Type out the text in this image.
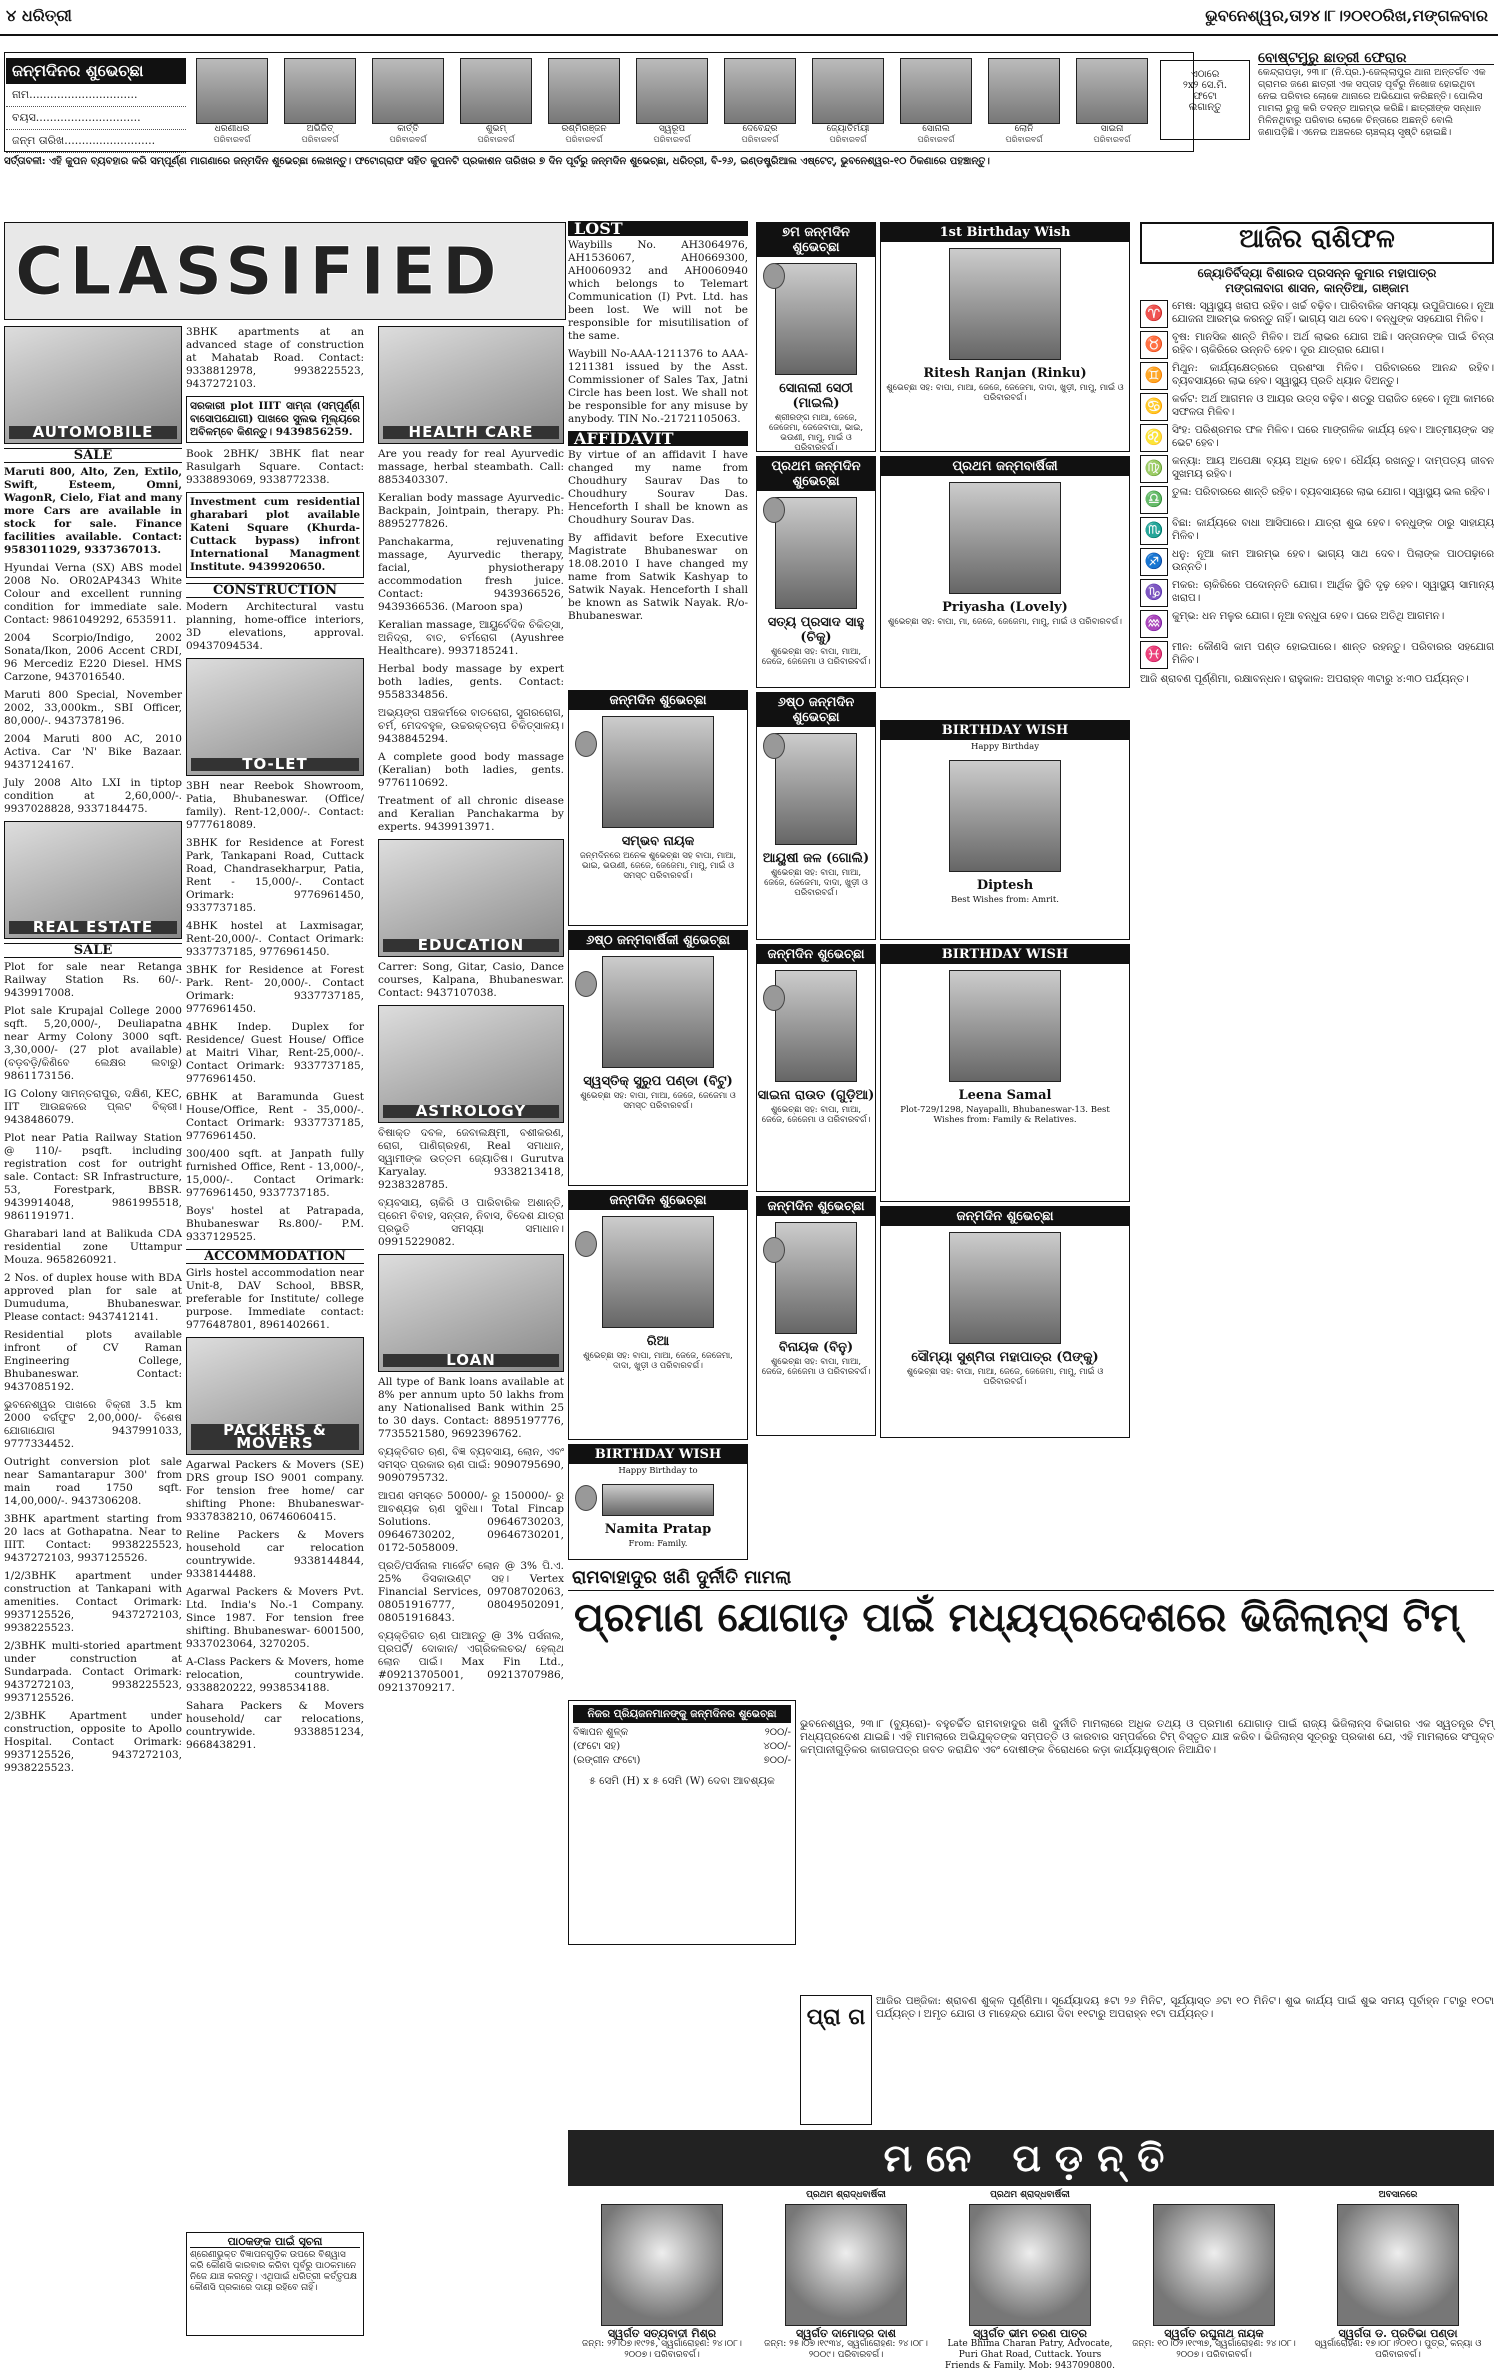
୪ ଧରିତ୍ରୀ	ଭୁବନେଶ୍ୱର,ତା୨୪।୮।୨୦୧୦ରିଖ,ମଙ୍ଗଳବାର
ଜନ୍ମଦିନର ଶୁଭେଚ୍ଛା
ନାମ...............................
ବୟସ..............................
ଜନ୍ମ ତାରିଖ..........................
ଧରଣୀଧର
ପରିବାରବର୍ଗ
ଅଭିଜିତ୍
ପରିବାରବର୍ଗ
କାର୍ତ୍ତି
ପରିବାରବର୍ଗ
ଶୁଭମ୍
ପରିବାରବର୍ଗ
ରଶ୍ମିରଞ୍ଜନ
ପରିବାରବର୍ଗ
ସ୍ୱରୂପ
ପରିବାରବର୍ଗ
ଦେବେନ୍ଦ୍ର
ପରିବାରବର୍ଗ
ଜ୍ୟୋତିର୍ମୟୀ
ପରିବାରବର୍ଗ
ସୋନାଲ
ପରିବାରବର୍ଗ
ଲୋନି
ପରିବାରବର୍ଗ
ସାଇନା
ପରିବାରବର୍ଗ
ଏଠାରେ
୨x୨ ସେ.ମି.
ଫଟୋ
ଲଗାନ୍ତୁ
ସର୍ତ୍ତାବଳୀ: ଏହି କୁପନ ବ୍ୟବହାର କରି ସମ୍ପୂର୍ଣ୍ଣ ମାଗଣାରେ ଜନ୍ମଦିନ ଶୁଭେଚ୍ଛା ଲେଖନ୍ତୁ। ଫଟୋଗ୍ରାଫ ସହିତ କୁପନଟି ପ୍ରକାଶନ ତାରିଖର ୭ ଦିନ ପୂର୍ବରୁ ଜନ୍ମଦିନ ଶୁଭେଚ୍ଛା, ଧରିତ୍ରୀ, ବି-୨୬, ଇଣ୍ଡଷ୍ଟ୍ରିଆଲ ଏଷ୍ଟେଟ୍, ଭୁବନେଶ୍ୱର-୧୦ ଠିକଣାରେ ପହଞ୍ଚାନ୍ତୁ।
ବୋଷ୍ଟମୁରୁ ଛାତ୍ରୀ ଫେରାର
କେନ୍ଦ୍ରାପଡ଼ା, ୨୩।୮ (ନି.ପ୍ର.)-ଜେଲ୍ଲାପୁର ଥାନା ଅନ୍ତର୍ଗତ ଏକ ଗ୍ରାମର ଜଣେ ଛାତ୍ରୀ ଏକ ସପ୍ତାହ ପୂର୍ବରୁ ନିଖୋଜ ହୋଇଥିବା ନେଇ ପରିବାର ଲୋକେ ଥାନାରେ ଅଭିଯୋଗ କରିଛନ୍ତି। ପୋଲିସ ମାମଲା ରୁଜୁ କରି ତଦନ୍ତ ଆରମ୍ଭ କରିଛି। ଛାତ୍ରୀଙ୍କ ସନ୍ଧାନ ମିଳିନଥିବାରୁ ପରିବାର ଲୋକେ ଚିନ୍ତାରେ ଅଛନ୍ତି ବୋଲି ଜଣାପଡ଼ିଛି। ଏନେଇ ଅଞ୍ଚଳରେ ଚାଞ୍ଚଲ୍ୟ ସୃଷ୍ଟି ହୋଇଛି।
CLASSIFIED
AUTOMOBILE
SALE

Maruti 800, Alto, Zen, Extilo, Swift, Esteem, Omni, WagonR, Cielo, Fiat and many more Cars are available in stock for sale. Finance facilities available. Contact: 9583011029, 9337367013.

Hyundai Verna (SX) ABS model 2008 No. OR02AP4343 White Colour and excellent running condition for immediate sale. Contact: 9861049292, 6535911.

2004 Scorpio/Indigo, 2002 Sonata/Ikon, 2006 Accent CRDI, 96 Mercediz E220 Diesel. HMS Carzone, 9437016540.

Maruti 800 Special, November 2002, 33,000km., SBI Officer, 80,000/-. 9437378196.

2004 Maruti 800 AC, 2010 Activa. Car 'N' Bike Bazaar. 9437124167.

July 2008 Alto LXI in tiptop condition at 2,60,000/-. 9937028828, 9337184475.

REAL ESTATE
SALE

Plot for sale near Retanga Railway Station Rs. 60/-. 9439917008.

Plot sale Krupajal College 2000 sqft. 5,20,000/-, Deuliapatna near Army Colony 3000 sqft. 3,30,000/- (27 plot available) (ବଡ଼ବଡ଼ି/କିଣିବେ ଲେକ୍ଷର ଲବାରୁ) 9861173156.

IG Colony ସାମନ୍ତରାପୁର, ଦକ୍ଷିଣ, KEC, IIT ଆଉଛକରେ ପ୍ଲଟ ବିକ୍ରୀ। 9438486079.

Plot near Patia Railway Station @ 110/- psqft. including registration cost for outright sale. Contact: SR Infrastructure, 53, Forestpark, BBSR. 9439914048, 9861995518, 9861191971.

Gharabari land at Balikuda CDA residential zone Uttampur Mouza. 9658260921.

2 Nos. of duplex house with BDA approved plan for sale at Dumuduma, Bhubaneswar. Please contact: 9437412141.

Residential plots available infront of CV Raman Engineering College, Bhubaneswar. Contact: 9437085192.

ଭୁବନେଶ୍ୱର ପାଖରେ ବିକ୍ରୀ 3.5 km 2000 ବର୍ଗଫୁଟ 2,00,000/- ବିଶେଷ ଯୋଗାଯୋଗ 9437991033, 9777334452.

Outright conversion plot sale near Samantarapur 300' from main road 1750 sqft. 14,00,000/-. 9437306208.

3BHK apartment starting from 20 lacs at Gothapatna. Near to IIIT. Contact: 9938225523, 9437272103, 9937125526.

1/2/3BHK apartment under construction at Tankapani with amenities. Contact Orimark: 9937125526, 9437272103, 9938225523.

2/3BHK multi-storied apartment under construction at Sundarpada. Contact Orimark: 9437272103, 9938225523, 9937125526.

2/3BHK Apartment under construction, opposite to Apollo Hospital. Contact Orimark: 9937125526, 9437272103, 9938225523.

3BHK apartments at an advanced stage of construction at Mahatab Road. Contact: 9338812978, 9938225523, 9437272103.

ସରକାରୀ plot IIIT ସାମ୍ନା (ସମ୍ପୂର୍ଣ୍ଣ ବାସୋପଯୋଗୀ) ପାଖରେ ସୁଲଭ ମୂଲ୍ୟରେ ଅବିଳମ୍ବେ କିଣନ୍ତୁ। 9439856259.

Book 2BHK/ 3BHK flat near Rasulgarh Square. Contact: 9338893069, 9338772338.

Investment cum residential gharabari plot available Kateni Square (Khurda-Cuttack bypass) infront International Managment Institute. 9439920650.

CONSTRUCTION

Modern Architectural vastu planning, home-office interiors, 3D elevations, approval. 09437094534.

TO-LET

3BH near Reebok Showroom, Patia, Bhubaneswar. (Office/ family). Rent-12,000/-. Contact: 9777618089.

3BHK for Residence at Forest Park, Tankapani Road, Cuttack Road, Chandrasekharpur, Patia, Rent - 15,000/-. Contact Orimark: 9776961450, 9337737185.

4BHK hostel at Laxmisagar, Rent-20,000/-. Contact Orimark: 9337737185, 9776961450.

3BHK for Residence at Forest Park. Rent- 20,000/-. Contact Orimark: 9337737185, 9776961450.

4BHK Indep. Duplex for Residence/ Guest House/ Office at Maitri Vihar, Rent-25,000/-. Contact Orimark: 9337737185, 9776961450.

6BHK at Baramunda Guest House/Office, Rent - 35,000/-. Contact Orimark: 9337737185, 9776961450.

300/400 sqft. at Janpath fully furnished Office, Rent - 13,000/-, 15,000/-. Contact Orimark: 9776961450, 9337737185.

Boys' hostel at Patrapada, Bhubaneswar Rs.800/- P.M. 9337129525.

ACCOMMODATION

Girls hostel accommodation near Unit-8, DAV School, BBSR, preferable for Institute/ college purpose. Immediate contact: 9776487801, 8961402661.

PACKERS & MOVERS

Agarwal Packers & Movers (SE) DRS group ISO 9001 company. For tension free home/ car shifting Phone: Bhubaneswar- 9337838210, 06746060415.

Reline Packers & Movers household car relocation countrywide. 9338144844, 9338144488.

Agarwal Packers & Movers Pvt. Ltd. India's No.-1 Company. Since 1987. For tension free shifting. Bhubaneswar- 6001500, 9337023064, 3270205.

A-Class Packers & Movers, home relocation, countrywide. 9338820222, 9938534188.

Sahara Packers & Movers household/ car relocations, countrywide. 9338851234, 9668438291.

ପାଠକଙ୍କ ପାଇଁ ସୂଚନା
ଶ୍ରେଣୀଭୁକ୍ତ ବିଜ୍ଞାପନଗୁଡ଼ିକ ଉପରେ ବିଶ୍ୱାସ କରି କୌଣସି କାରବାର କରିବା ପୂର୍ବରୁ ପାଠକମାନେ ନିଜେ ଯାଞ୍ଚ କରନ୍ତୁ। ଏଥିପାଇଁ ଧରିତ୍ରୀ କର୍ତ୍ତୃପକ୍ଷ କୌଣସି ପ୍ରକାରେ ଦାୟୀ ରହିବେ ନାହିଁ।
HEALTH CARE

Are you ready for real Ayurvedic massage, herbal steambath. Call: 8853403307.

Keralian body massage Ayurvedic-Backpain, Jointpain, therapy. Ph: 8895277826.

Panchakarma, rejuvenating massage, Ayurvedic therapy, facial, physiotherapy accommodation fresh juice. Contact: 9439366526, 9439366536. (Maroon spa)

Keralian massage, ଆୟୁର୍ବେଦିକ ଚିକିତ୍ସା, ଅନିଦ୍ରା, ବାତ, ଚର୍ମରୋଗ (Ayushree Healthcare). 9937185241.

Herbal body massage by expert both ladies, gents. Contact: 9558334856.

ଅଭ୍ୟଙ୍ଗ ପଞ୍ଚକର୍ମରେ ବାତରୋଗ, ସୁଗରରୋଗ, ଚର୍ମ, ମେଦବହୁଳ, ଉଚ୍ଚରକ୍ତଚାପ ଚିକିତ୍ସାଳୟ। 9438845294.

A complete good body massage (Keralian) both ladies, gents. 9776110692.

Treatment of all chronic disease and Keralian Panchakarma by experts. 9439913971.

EDUCATION

Carrer: Song, Gitar, Casio, Dance courses, Kalpana, Bhubaneswar. Contact: 9437107038.

ASTROLOGY

ବିଷାକ୍ତ ଦବଳ, ଜେବାଲକ୍ଷ୍ମୀ, ବଶୀକରଣ, ରୋଗ, ପାଣିଗ୍ରହଣ, Real ସମାଧାନ, ସ୍ୱାମୀଙ୍କ ଉତ୍ତମ ଜ୍ୟୋତିଷ। Gurutva Karyalay. 9338213418, 9238328785.

ବ୍ୟବସାୟ, ଚାକିରି ଓ ପାରିବାରିକ ଅଶାନ୍ତି, ପ୍ରେମ ବିବାହ, ସନ୍ତାନ, ନିବାସ, ବିଦେଶ ଯାତ୍ରା ପ୍ରଭୃତି ସମସ୍ୟା ସମାଧାନ। 09915229082.

LOAN

All type of Bank loans available at 8% per annum upto 50 lakhs from any Nationalised Bank within 25 to 30 days. Contact: 8895197776, 7735521580, 9692396762.

ବ୍ୟକ୍ତିଗତ ଋଣ, ବିଜ୍ଞ ବ୍ୟବସାୟ, ଲୋନ, ଏବଂ ସମସ୍ତ ପ୍ରକାର ଋଣ ପାଇଁ: 9090795690, 9090795732.

ଆପଣ ସମସ୍ତେ 50000/- ରୁ 150000/- ରୁ ଆବଶ୍ୟକ ଋଣ ସୁବିଧା। Total Fincap Solutions. 09646730203, 09646730202, 09646730201, 0172-5058009.

ପ୍ରତି/ପର୍ସନାଲ ମାର୍କେଟ ଲୋନ @ 3% ପି.ଏ. 25% ଡିସକାଉଣ୍ଟ ସହ। Vertex Financial Services, 09708702063, 08051916777, 08049502091, 08051916843.

ବ୍ୟକ୍ତିଗତ ଋଣ ପାଆନ୍ତୁ @ 3% ପର୍ସନାଲ, ପ୍ରପର୍ଟି/ ଦୋକାନ/ ଏଗ୍ରିକଲଚର/ ହେଲ୍ଥ ଲୋନ ପାଇଁ। Max Fin Ltd., #09213705001, 09213707986, 09213709217.

LOST

Waybills No. AH3064976, AH1536067, AH0669300, AH0060932 and AH0060940 which belongs to Telemart Communication (I) Pvt. Ltd. has been lost. We will not be responsible for misutilisation of the same.

Waybill No-AAA-1211376 to AAA-1211381 issued by the Asst. Commissioner of Sales Tax, Jatni Circle has been lost. We shall not be responsible for any misuse by anybody. TIN No.-21721105063.

AFFIDAVIT

By virtue of an affidavit I have changed my name from Choudhury Saurav Das to Choudhury Sourav Das. Henceforth I shall be known as Choudhury Sourav Das.

By affidavit before Executive Magistrate Bhubaneswar on 18.08.2010 I have changed my name from Satwik Kashyap to Satwik Nayak. Henceforth I shall be known as Satwik Nayak. R/o-Bhubaneswar.

୭ମ ଜନ୍ମଦିନ ଶୁଭେଚ୍ଛା
ସୋନାଲୀ ସେଠୀ (ମାଇଲି)
ଶ୍ରୀରଙ୍ଗ ମାଆ, ଜେଜେ, ଜେଜେମା, ଜେଜେବାପା, ଭାଇ, ଭଉଣୀ, ମାମୁ, ମାଇଁ ଓ ପରିବାରବର୍ଗ।
1st Birthday Wish
Ritesh Ranjan (Rinku)
ଶୁଭେଚ୍ଛା ସହ: ବାପା, ମାଆ, ଜେଜେ, ଜେଜେମା, ଦାଦା, ଖୁଡ଼ୀ, ମାମୁ, ମାଇଁ ଓ ପରିବାରବର୍ଗ।
ପ୍ରଥମ ଜନ୍ମଦିନ ଶୁଭେଚ୍ଛା
ସତ୍ୟ ପ୍ରସାଦ ସାହୁ (ଚିକୁ)
ଶୁଭେଚ୍ଛା ସହ: ବାପା, ମାଆ, ଜେଜେ, ଜେଜେମା ଓ ପରିବାରବର୍ଗ।
ପ୍ରଥମ ଜନ୍ମବାର୍ଷିକୀ
Priyasha (Lovely)
ଶୁଭେଚ୍ଛା ସହ: ବାପା, ମା, ଜେଜେ, ଜେଜେମା, ମାମୁ, ମାଇଁ ଓ ପରିବାରବର୍ଗ।
ଜନ୍ମଦିନ ଶୁଭେଚ୍ଛା
ସମ୍ଭବ ନାୟକ
ଜନ୍ମଦିନରେ ଅନେକ ଶୁଭେଚ୍ଛା ସହ ବାପା, ମାଆ, ଭାଇ, ଭଉଣୀ, ଜେଜେ, ଜେଜେମା, ମାମୁ, ମାଇଁ ଓ ସମସ୍ତ ପରିବାରବର୍ଗ।
୬ଷ୍ଠ ଜନ୍ମଦିନ ଶୁଭେଚ୍ଛା
ଆୟୁଷୀ ଜଳ (ଗୋଲି)
ଶୁଭେଚ୍ଛା ସହ: ବାପା, ମାଆ, ଜେଜେ, ଜେଜେମା, ଦାଦା, ଖୁଡ଼ୀ ଓ ପରିବାରବର୍ଗ।
BIRTHDAY WISH
Happy Birthday
Diptesh
Best Wishes from: Amrit.
୬ଷ୍ଠ ଜନ୍ମବାର୍ଷିକୀ ଶୁଭେଚ୍ଛା
ସ୍ୱସ୍ତିକ୍ ସୁରୁପ ପଣ୍ଡା (ବିଟୁ)
ଶୁଭେଚ୍ଛା ସହ: ବାପା, ମାଆ, ଜେଜେ, ଜେଜେମା ଓ ସମସ୍ତ ପରିବାରବର୍ଗ।
ଜନ୍ମଦିନ ଶୁଭେଚ୍ଛା
ସାଇନା ରାଉତ (ଗୁଡ଼ିଆ)
ଶୁଭେଚ୍ଛା ସହ: ବାପା, ମାଆ, ଜେଜେ, ଜେଜେମା ଓ ପରିବାରବର୍ଗ।
BIRTHDAY WISH
Leena Samal
Plot-729/1298, Nayapalli, Bhubaneswar-13. Best Wishes from: Family & Relatives.
ଜନ୍ମଦିନ ଶୁଭେଚ୍ଛା
ରିଆ
ଶୁଭେଚ୍ଛା ସହ: ବାପା, ମାଆ, ଜେଜେ, ଜେଜେମା, ଦାଦା, ଖୁଡ଼ୀ ଓ ପରିବାରବର୍ଗ।
ଜନ୍ମଦିନ ଶୁଭେଚ୍ଛା
ବିନାୟକ (ବିନୁ)
ଶୁଭେଚ୍ଛା ସହ: ବାପା, ମାଆ, ଜେଜେ, ଜେଜେମା ଓ ପରିବାରବର୍ଗ।
ଜନ୍ମଦିନ ଶୁଭେଚ୍ଛା
ସୌମ୍ୟା ସୁଶ୍ମିତା ମହାପାତ୍ର (ପିଙ୍କୁ)
ଶୁଭେଚ୍ଛା ସହ: ବାପା, ମାଆ, ଜେଜେ, ଜେଜେମା, ମାମୁ, ମାଇଁ ଓ ପରିବାରବର୍ଗ।
BIRTHDAY WISH
Happy Birthday to
Namita Pratap
From: Family.
ଆଜିର ରାଶିଫଳ
ଜ୍ୟୋତିର୍ବିଦ୍ୟା ବିଶାରଦ ପ୍ରସନ୍ନ କୁମାର ମହାପାତ୍ର
ମଙ୍ଗଳାବାଗ ଶାସନ, କାନ୍ତିଆ, ଗଞ୍ଜାମ
♈ ମେଷ: ସ୍ୱାସ୍ଥ୍ୟ ଖରାପ ରହିବ। ଖର୍ଚ୍ଚ ବଢ଼ିବ। ପାରିବାରିକ ସମସ୍ୟା ଉପୁଜିପାରେ। ନୂଆ ଯୋଜନା ଆରମ୍ଭ କରନ୍ତୁ ନାହିଁ। ଭାଗ୍ୟ ସାଥ ଦେବ। ବନ୍ଧୁଙ୍କ ସହଯୋଗ ମିଳିବ।
♉ ବୃଷ: ମାନସିକ ଶାନ୍ତି ମିଳିବ। ଅର୍ଥ ଲାଭର ଯୋଗ ଅଛି। ସନ୍ତାନଙ୍କ ପାଇଁ ଚିନ୍ତା ରହିବ। ଚାକିରିରେ ଉନ୍ନତି ହେବ। ଦୂର ଯାତ୍ରାର ଯୋଗ।
♊ ମିଥୁନ: କାର୍ଯ୍ୟକ୍ଷେତ୍ରରେ ପ୍ରଶଂସା ମିଳିବ। ପରିବାରରେ ଆନନ୍ଦ ରହିବ। ବ୍ୟବସାୟରେ ଲାଭ ହେବ। ସ୍ୱାସ୍ଥ୍ୟ ପ୍ରତି ଧ୍ୟାନ ଦିଅନ୍ତୁ।
♋ କର୍କଟ: ଅର୍ଥ ଆଗମନ ଓ ଆୟର ଉତ୍ସ ବଢ଼ିବ। ଶତ୍ରୁ ପରାଜିତ ହେବେ। ନୂଆ କାମରେ ସଫଳତା ମିଳିବ।
♌ ସିଂହ: ପରିଶ୍ରମର ଫଳ ମିଳିବ। ଘରେ ମାଙ୍ଗଳିକ କାର୍ଯ୍ୟ ହେବ। ଆତ୍ମୀୟଙ୍କ ସହ ଭେଟ ହେବ।
♍ କନ୍ୟା: ଆୟ ଅପେକ୍ଷା ବ୍ୟୟ ଅଧିକ ହେବ। ଧୈର୍ଯ୍ୟ ରଖନ୍ତୁ। ଦାମ୍ପତ୍ୟ ଜୀବନ ସୁଖମୟ ରହିବ।
♎ ତୁଳା: ପରିବାରରେ ଶାନ୍ତି ରହିବ। ବ୍ୟବସାୟରେ ଲାଭ ଯୋଗ। ସ୍ୱାସ୍ଥ୍ୟ ଭଲ ରହିବ।
♏ ବିଛା: କାର୍ଯ୍ୟରେ ବାଧା ଆସିପାରେ। ଯାତ୍ରା ଶୁଭ ହେବ। ବନ୍ଧୁଙ୍କ ଠାରୁ ସାହାଯ୍ୟ ମିଳିବ।
♐ ଧନୁ: ନୂଆ କାମ ଆରମ୍ଭ ହେବ। ଭାଗ୍ୟ ସାଥ ଦେବ। ପିଲାଙ୍କ ପାଠପଢ଼ାରେ ଉନ୍ନତି।
♑ ମକର: ଚାକିରିରେ ପଦୋନ୍ନତି ଯୋଗ। ଆର୍ଥିକ ସ୍ଥିତି ଦୃଢ଼ ହେବ। ସ୍ୱାସ୍ଥ୍ୟ ସାମାନ୍ୟ ଖରାପ।
♒ କୁମ୍ଭ: ଧନ ମଳୁର ଯୋଗ। ନୂଆ ବନ୍ଧୁତା ହେବ। ଘରେ ଅତିଥି ଆଗମନ।
♓ ମୀନ: କୌଣସି କାମ ପଣ୍ଡ ହୋଇପାରେ। ଶାନ୍ତ ରହନ୍ତୁ। ପରିବାରର ସହଯୋଗ ମିଳିବ।

ଆଜି ଶ୍ରାବଣ ପୂର୍ଣ୍ଣିମା, ରକ୍ଷାବନ୍ଧନ। ରାହୁକାଳ: ଅପରାହ୍ନ ୩ଟାରୁ ୪:୩୦ ପର୍ଯ୍ୟନ୍ତ।

ରାମବାହାଦୁର ଖଣି ଦୁର୍ନୀତି ମାମଲା
ପ୍ରମାଣ ଯୋଗାଡ଼ ପାଇଁ ମଧ୍ୟପ୍ରଦେଶରେ ଭିଜିଲାନ୍ସ ଟିମ୍
ନିଜର ପ୍ରିୟଜନମାନଙ୍କୁ ଜନ୍ମଦିନର ଶୁଭେଚ୍ଛା
ବିଜ୍ଞାପନ ଶୁଳ୍କ	୨୦୦/-
(ଫଟୋ ସହ)	୪୦୦/-
(ରଙ୍ଗୀନ ଫଟୋ)	୭୦୦/-
୫ ସେମି (H) x ୫ ସେମି (W) ଦେବା ଆବଶ୍ୟକ
ଭୁବନେଶ୍ୱର, ୨୩।୮ (ବ୍ୟୁରୋ)- ବହୁଚର୍ଚ୍ଚିତ ରାମବାହାଦୁର ଖଣି ଦୁର୍ନୀତି ମାମଲାରେ ଅଧିକ ତଥ୍ୟ ଓ ପ୍ରମାଣ ଯୋଗାଡ଼ ପାଇଁ ରାଜ୍ୟ ଭିଜିଲାନ୍ସ ବିଭାଗର ଏକ ସ୍ୱତନ୍ତ୍ର ଟିମ୍ ମଧ୍ୟପ୍ରଦେଶ ଯାଇଛି। ଏହି ମାମଲାରେ ଅଭିଯୁକ୍ତଙ୍କ ସମ୍ପତ୍ତି ଓ କାରବାର ସମ୍ପର୍କରେ ଟିମ୍ ବିସ୍ତୃତ ଯାଞ୍ଚ କରିବ। ଭିଜିଲାନ୍ସ ସୂତ୍ରରୁ ପ୍ରକାଶ ଯେ, ଏହି ମାମଲାରେ ସଂପୃକ୍ତ କମ୍ପାନୀଗୁଡ଼ିକର କାଗଜପତ୍ର ଜବତ କରାଯିବ ଏବଂ ଦୋଷୀଙ୍କ ବିରୋଧରେ କଡ଼ା କାର୍ଯ୍ୟାନୁଷ୍ଠାନ ନିଆଯିବ।
ପ୍ରା ଗ
ଆଜିର ପଞ୍ଜିକା: ଶ୍ରାବଣ ଶୁକ୍ଳ ପୂର୍ଣ୍ଣିମା। ସୂର୍ଯ୍ୟୋଦୟ ୫ଟା ୨୬ ମିନିଟ, ସୂର୍ଯ୍ୟାସ୍ତ ୬ଟା ୧୦ ମିନିଟ। ଶୁଭ କାର୍ଯ୍ୟ ପାଇଁ ଶୁଭ ସମୟ ପୂର୍ବାହ୍ନ ୮ଟାରୁ ୧୦ଟା ପର୍ଯ୍ୟନ୍ତ। ଅମୃତ ଯୋଗ ଓ ମାହେନ୍ଦ୍ର ଯୋଗ ଦିବା ୧୧ଟାରୁ ଅପରାହ୍ନ ୧ଟା ପର୍ଯ୍ୟନ୍ତ।
ମନେ ପଡ଼ନ୍ତି
ସ୍ୱର୍ଗତ ସତ୍ୟବାଦୀ ମିଶ୍ର
ଜନ୍ମ: ୨୨।୦୭।୧୯୨୫, ସ୍ୱର୍ଗାରୋହଣ: ୨୪।୦୮।୨୦୦୭। ପରିବାରବର୍ଗ।
ପ୍ରଥମ ଶ୍ରାଦ୍ଧବାର୍ଷିକୀ
ସ୍ୱର୍ଗତ ଦାମୋଦର ଦାଶ
ଜନ୍ମ: ୨୫।୦୭।୧୯୩୪, ସ୍ୱର୍ଗାରୋହଣ: ୨୪।୦୮।୨୦୦୯। ପରିବାରବର୍ଗ।
ପ୍ରଥମ ଶ୍ରାଦ୍ଧବାର୍ଷିକୀ
ସ୍ୱର୍ଗତ ଭୀମ ଚରଣ ପାତ୍ର
Late Bhima Charan Patry, Advocate, Puri Ghat Road, Cuttack. Yours Friends & Family. Mob: 9437090800.
ସ୍ୱର୍ଗତ ରଘୁନାଥ ନାୟକ
ଜନ୍ମ: ୧୦।୦୨।୧୯୩୭, ସ୍ୱର୍ଗାରୋହଣ: ୨୪।୦୮।୨୦୦୭। ପରିବାରବର୍ଗ।
ଅବସାନରେ
ସ୍ୱର୍ଗତା ଡ. ପ୍ରତିଭା ପଣ୍ଡା
ସ୍ୱର୍ଗାରୋହଣ: ୧୭।୦୮।୨୦୧୦। ପୁତ୍ର, କନ୍ୟା ଓ ପରିବାରବର୍ଗ।
